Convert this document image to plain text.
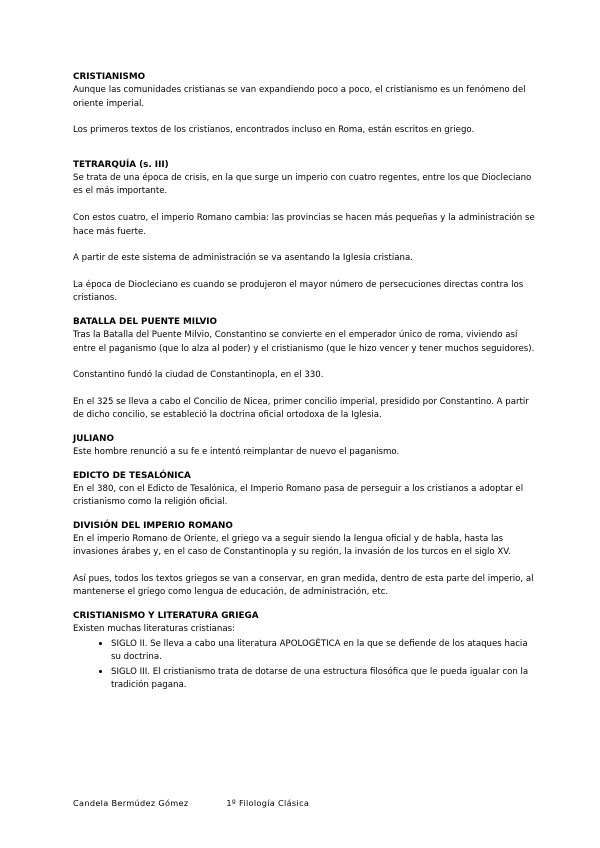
CRISTIANISMO

Aunque las comunidades cristianas se van expandiendo poco a poco, el cristianismo es un fenómeno del oriente imperial.

Los primeros textos de los cristianos, encontrados incluso en Roma, están escritos en griego.

TETRARQUÍA (s. III)

Se trata de una época de crisis, en la que surge un imperio con cuatro regentes, entre los que Diocleciano es el más importante.

Con estos cuatro, el imperio Romano cambia: las provincias se hacen más pequeñas y la administración se hace más fuerte.

A partir de este sistema de administración se va asentando la Iglesia cristiana.

La época de Diocleciano es cuando se produjeron el mayor número de persecuciones directas contra los cristianos.

BATALLA DEL PUENTE MILVIO

Tras la Batalla del Puente Milvio, Constantino se convierte en el emperador único de roma, viviendo así entre el paganismo (que lo alza al poder) y el cristianismo (que le hizo vencer y tener muchos seguidores).

Constantino fundó la ciudad de Constantinopla, en el 330.

En el 325 se lleva a cabo el Concilio de Nicea, primer concilio imperial, presidido por Constantino. A partir de dicho concilio, se estableció la doctrina oficial ortodoxa de la Iglesia.

JULIANO

Este hombre renunció a su fe e intentó reimplantar de nuevo el paganismo.

EDICTO DE TESALÓNICA

En el 380, con el Edicto de Tesalónica, el Imperio Romano pasa de perseguir a los cristianos a adoptar el cristianismo como la religión oficial.

DIVISIÓN DEL IMPERIO ROMANO

En el imperio Romano de Oriente, el griego va a seguir siendo la lengua oficial y de habla, hasta las invasiones árabes y, en el caso de Constantinopla y su región, la invasión de los turcos en el siglo XV.

Así pues, todos los textos griegos se van a conservar, en gran medida, dentro de esta parte del imperio, al mantenerse el griego como lengua de educación, de administración, etc.

CRISTIANISMO Y LITERATURA GRIEGA

Existen muchas literaturas cristianas:

• SIGLO II. Se lleva a cabo una literatura APOLOGÉTICA en la que se defiende de los ataques hacia su doctrina.
• SIGLO III. El cristianismo trata de dotarse de una estructura filosófica que le pueda igualar con la tradición pagana.
Candela Bermúdez Gómez	1º Filología Clásica
